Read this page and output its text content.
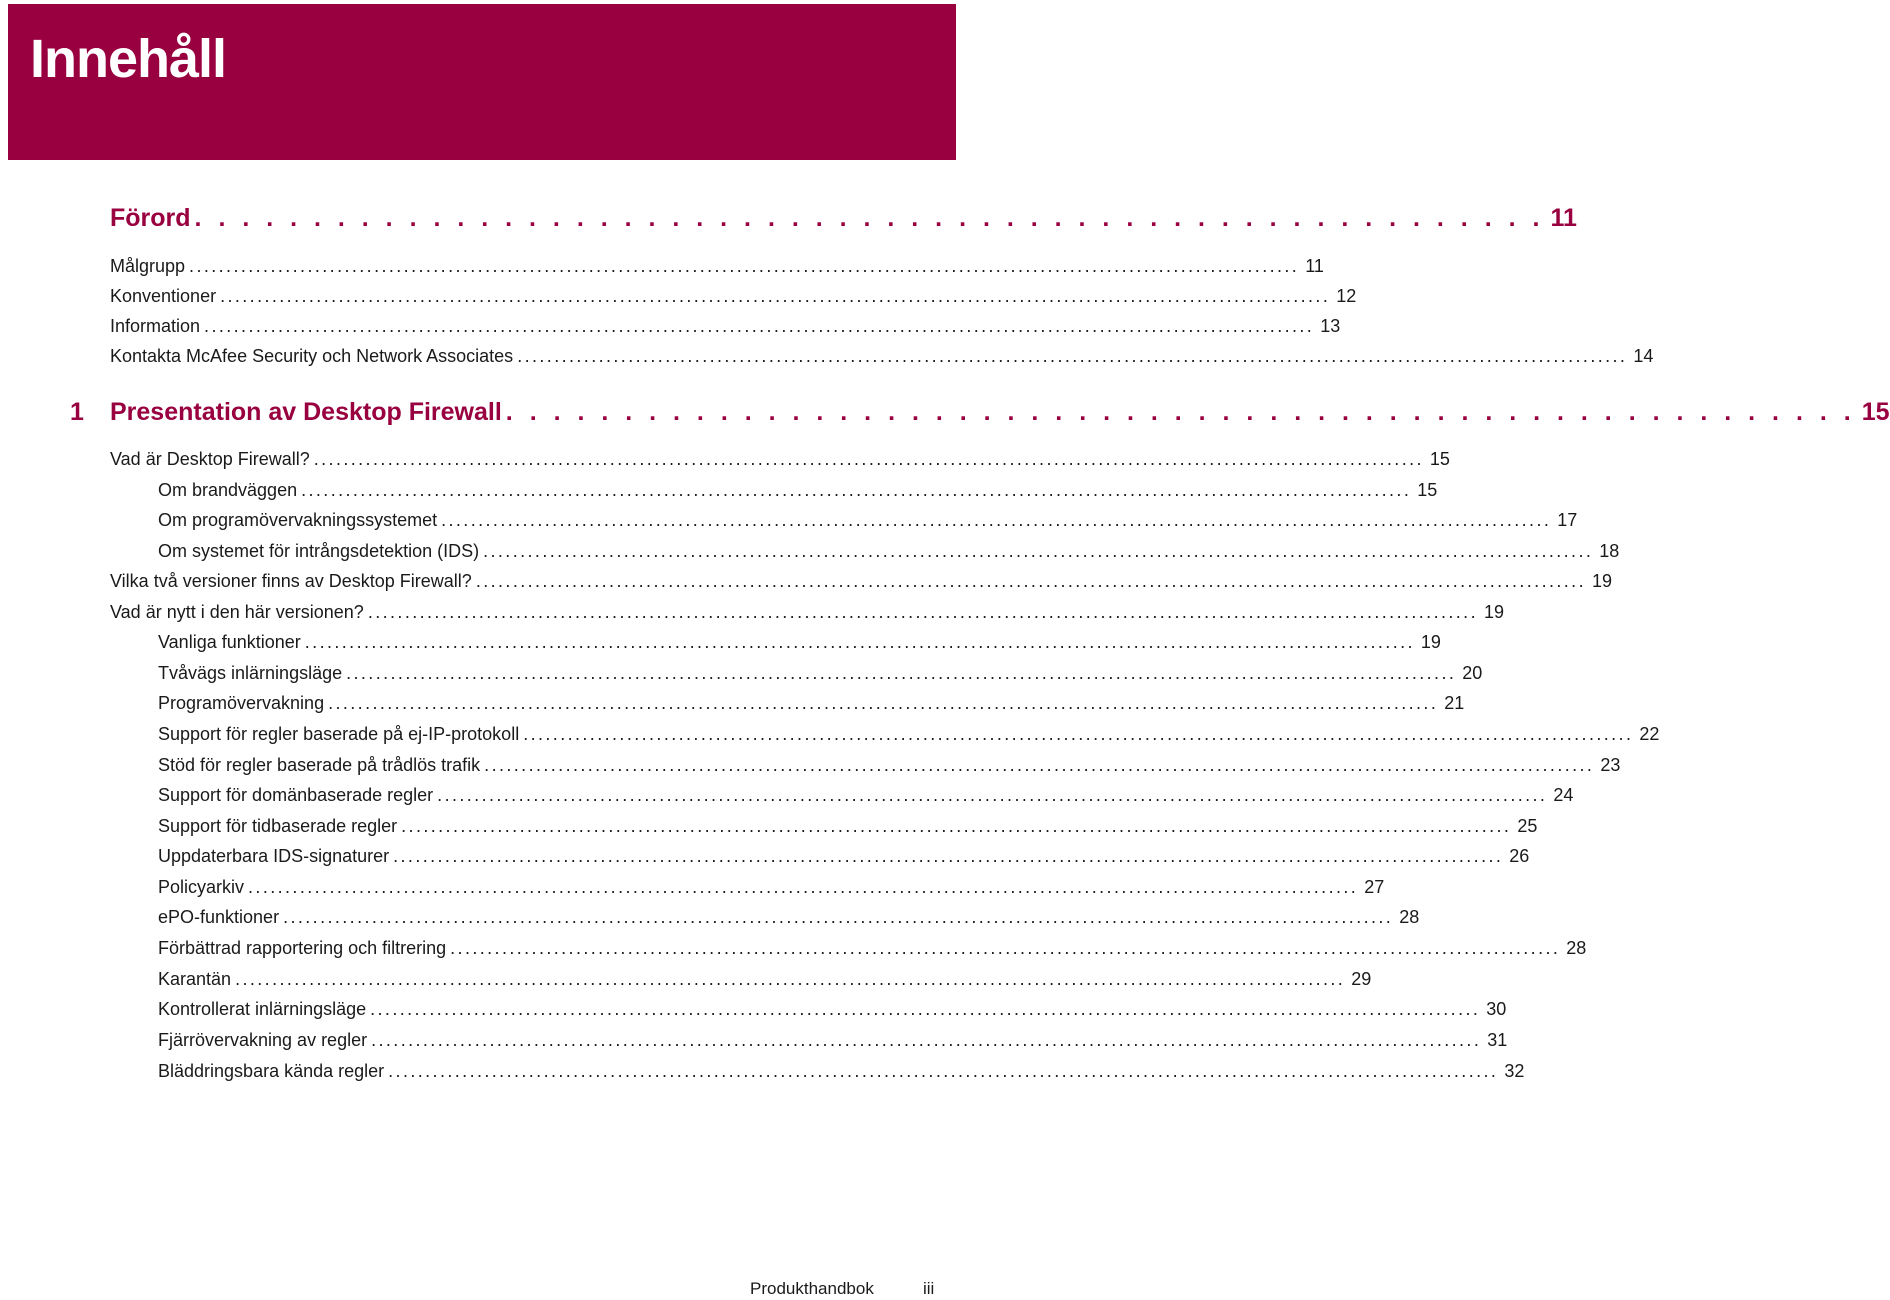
Innehåll
Förord . . . . . . . . . . . . . . . . . . . . . . . . . . . . . . . . . . . . . . . . . . . . . . . . . . . . . . . . . 11
Målgrupp ...................................................................................................................................................... 11
Konventioner ...................................................................................................................................................... 12
Information ...................................................................................................................................................... 13
Kontakta McAfee Security och Network Associates ...................................................................................................................................................... 14
1 Presentation av Desktop Firewall . . . . . . . . . . . . . . . . . . . . . . . . . . . . . . . . . . . . . . . . . . . . . . . . . . . . . . . . . 15
Vad är Desktop Firewall? ...................................................................................................................................................... 15
Om brandväggen ...................................................................................................................................................... 15
Om programövervakningssystemet ...................................................................................................................................................... 17
Om systemet för intrångsdetektion (IDS) ...................................................................................................................................................... 18
Vilka två versioner finns av Desktop Firewall? ...................................................................................................................................................... 19
Vad är nytt i den här versionen? ...................................................................................................................................................... 19
Vanliga funktioner ...................................................................................................................................................... 19
Tvåvägs inlärningsläge ...................................................................................................................................................... 20
Programövervakning ...................................................................................................................................................... 21
Support för regler baserade på ej-IP-protokoll ...................................................................................................................................................... 22
Stöd för regler baserade på trådlös trafik ...................................................................................................................................................... 23
Support för domänbaserade regler ...................................................................................................................................................... 24
Support för tidbaserade regler ...................................................................................................................................................... 25
Uppdaterbara IDS-signaturer ...................................................................................................................................................... 26
Policyarkiv ...................................................................................................................................................... 27
ePO-funktioner ...................................................................................................................................................... 28
Förbättrad rapportering och filtrering ...................................................................................................................................................... 28
Karantän ...................................................................................................................................................... 29
Kontrollerat inlärningsläge ...................................................................................................................................................... 30
Fjärrövervakning av regler ...................................................................................................................................................... 31
Bläddringsbara kända regler ...................................................................................................................................................... 32
Produkthandbok	iii
